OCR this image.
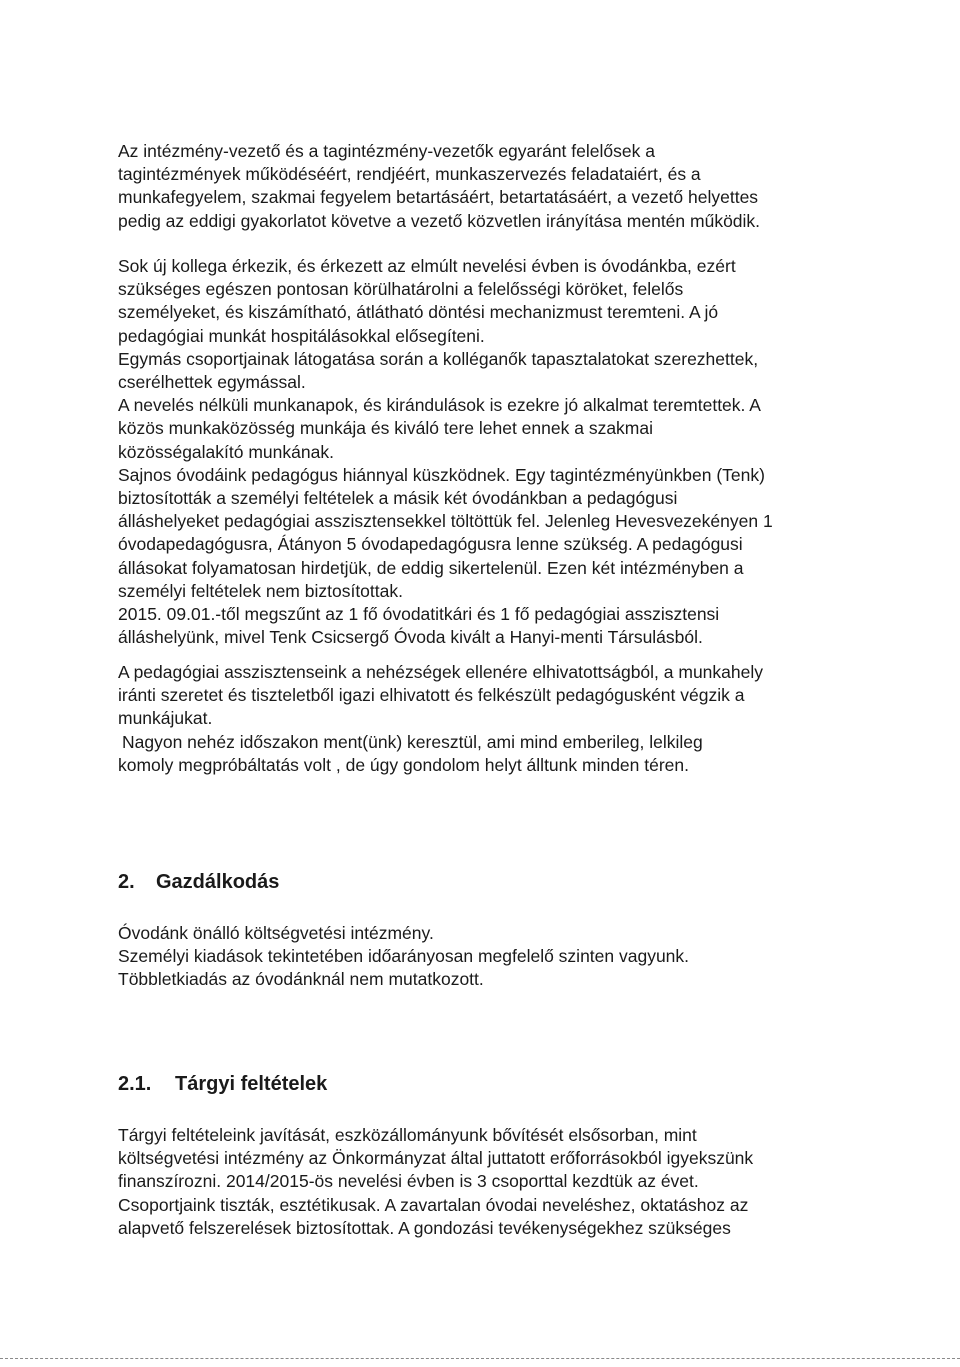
Az intézmény-vezető és a tagintézmény-vezetők egyaránt felelősek a
tagintézmények működéséért, rendjéért, munkaszervezés feladataiért, és a
munkafegyelem, szakmai fegyelem betartásáért, betartatásáért, a vezető helyettes
pedig az eddigi gyakorlatot követve a vezető közvetlen irányítása mentén működik.
Sok új kollega érkezik, és érkezett az elmúlt nevelési évben is óvodánkba, ezért
szükséges egészen pontosan körülhatárolni a felelősségi köröket, felelős
személyeket, és kiszámítható, átlátható döntési mechanizmust teremteni. A jó
pedagógiai munkát hospitálásokkal elősegíteni.
Egymás csoportjainak látogatása során a kolléganők tapasztalatokat szerezhettek,
cserélhettek egymással.
A nevelés nélküli munkanapok, és kirándulások is ezekre jó alkalmat teremtettek. A
közös munkaközösség munkája és kiváló tere lehet ennek a szakmai
közösségalakító munkának.
Sajnos óvodáink pedagógus hiánnyal küszködnek. Egy tagintézményünkben (Tenk)
biztosították a személyi feltételek a másik két óvodánkban a pedagógusi
álláshelyeket pedagógiai asszisztensekkel töltöttük fel. Jelenleg Hevesvezekényen 1
óvodapedagógusra, Átányon 5 óvodapedagógusra lenne szükség. A pedagógusi
állásokat folyamatosan hirdetjük, de eddig sikertelenül. Ezen két intézményben a
személyi feltételek nem biztosítottak.
2015. 09.01.-től megszűnt az 1 fő óvodatitkári és 1 fő pedagógiai asszisztensi
álláshelyünk, mivel Tenk Csicsergő Óvoda kivált a Hanyi-menti Társulásból.
A pedagógiai asszisztenseink a nehézségek ellenére elhivatottságból, a munkahely
iránti szeretet és tiszteletből igazi elhivatott és felkészült pedagógusként végzik a
munkájukat.
Nagyon nehéz időszakon ment(ünk) keresztül, ami mind emberileg, lelkileg
komoly megpróbáltatás volt , de úgy gondolom helyt álltunk minden téren.
2. Gazdálkodás
Óvodánk önálló költségvetési intézmény.
Személyi kiadások tekintetében időarányosan megfelelő szinten vagyunk.
Többletkiadás az óvodánknál nem mutatkozott.
2.1. Tárgyi feltételek
Tárgyi feltételeink javítását, eszközállományunk bővítését elsősorban, mint
költségvetési intézmény az Önkormányzat által juttatott erőforrásokból igyekszünk
finanszírozni. 2014/2015-ös nevelési évben is 3 csoporttal kezdtük az évet.
Csoportjaink tiszták, esztétikusak. A zavartalan óvodai neveléshez, oktatáshoz az
alapvető felszerelések biztosítottak. A gondozási tevékenységekhez szükséges
